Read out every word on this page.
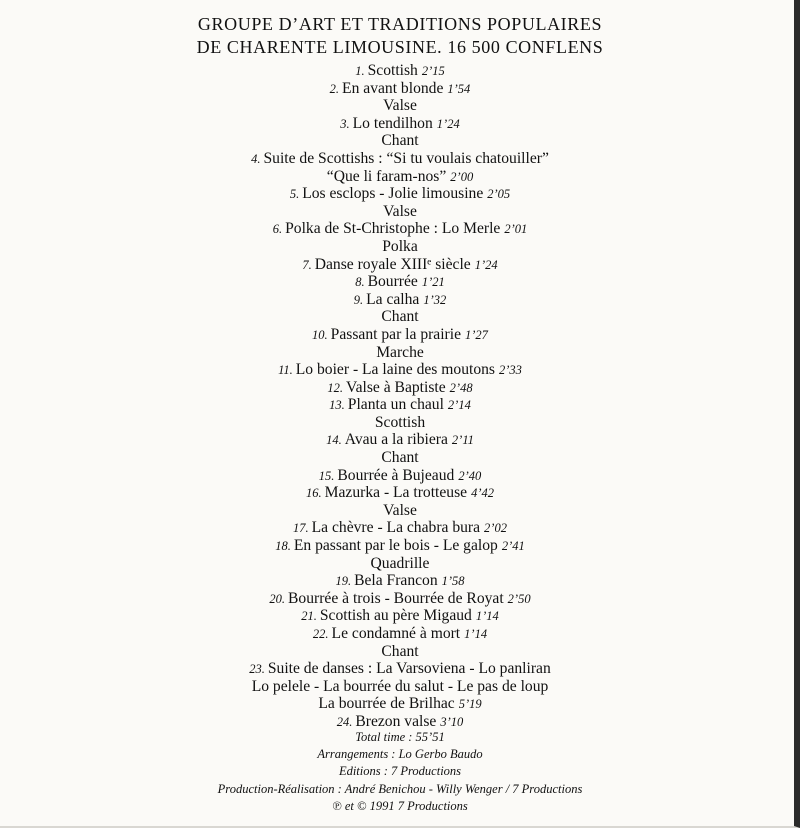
GROUPE D’ART ET TRADITIONS POPULAIRES
DE CHARENTE LIMOUSINE. 16 500 CONFLENS
1. Scottish 2’15
2. En avant blonde 1’54
Valse
3. Lo tendilhon 1’24
Chant
4. Suite de Scottishs : “Si tu voulais chatouiller”
“Que li faram-nos” 2’00
5. Los esclops - Jolie limousine 2’05
Valse
6. Polka de St-Christophe : Lo Merle 2’01
Polka
7. Danse royale XIIIᵉ siècle 1’24
8. Bourrée 1’21
9. La calha 1’32
Chant
10. Passant par la prairie 1’27
Marche
11. Lo boier - La laine des moutons 2’33
12. Valse à Baptiste 2’48
13. Planta un chaul 2’14
Scottish
14. Avau a la ribiera 2’11
Chant
15. Bourrée à Bujeaud 2’40
16. Mazurka - La trotteuse 4’42
Valse
17. La chèvre - La chabra bura 2’02
18. En passant par le bois - Le galop 2’41
Quadrille
19. Bela Francon 1’58
20. Bourrée à trois - Bourrée de Royat 2’50
21. Scottish au père Migaud 1’14
22. Le condamné à mort 1’14
Chant
23. Suite de danses : La Varsoviena - Lo panliran
Lo pelele - La bourrée du salut - Le pas de loup
La bourrée de Brilhac 5’19
24. Brezon valse 3’10
Total time : 55’51
Arrangements : Lo Gerbo Baudo
Editions : 7 Productions
Production-Réalisation : André Benichou - Willy Wenger / 7 Productions
℗ et © 1991 7 Productions
